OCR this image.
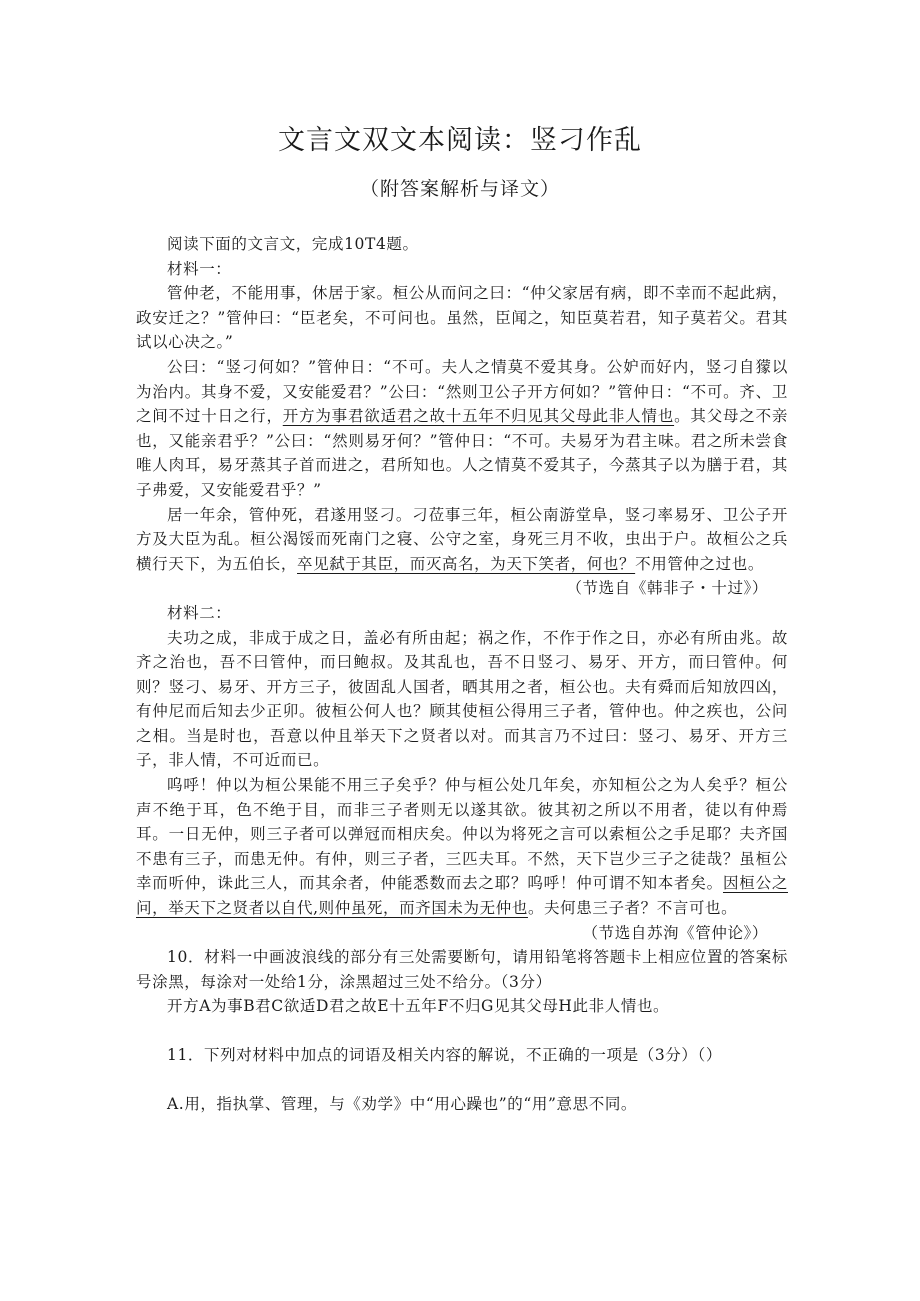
文言文双文本阅读：竖刁作乱
（附答案解析与译文）

阅读下面的文言文，完成10T4题。

材料一：

管仲老，不能用事，休居于家。桓公从而问之曰：“仲父家居有病，即不幸而不起此病，政安迁之？”管仲曰：“臣老矣，不可问也。虽然，臣闻之，知臣莫若君，知子莫若父。君其试以心决之。”

公曰：“竖刁何如？”管仲日：“不可。夫人之情莫不爱其身。公妒而好内，竖刁自獴以为治内。其身不爱，又安能爱君？”公曰：“然则卫公子开方何如？”管仲日：“不可。齐、卫之间不过十日之行，开方为事君欲适君之故十五年不归见其父母此非人情也。其父母之不亲也，又能亲君乎？”公曰：“然则易牙何？”管仲日：“不可。夫易牙为君主味。君之所未尝食唯人肉耳，易牙蒸其子首而进之，君所知也。人之情莫不爱其子，今蒸其子以为膳于君，其子弗爱，又安能爱君乎？”

居一年余，管仲死，君遂用竖刁。刁莅事三年，桓公南游堂阜，竖刁率易牙、卫公子开方及大臣为乱。桓公渴馁而死南门之寝、公守之室，身死三月不收，虫出于户。故桓公之兵横行天下，为五伯长，卒见弑于其臣，而灭高名，为天下笑者，何也？不用管仲之过也。

（节选自《韩非子・十过》）

材料二：

夫功之成，非成于成之日，盖必有所由起；祸之作，不作于作之日，亦必有所由兆。故齐之治也，吾不曰管仲，而曰鲍叔。及其乱也，吾不日竖刁、易牙、开方，而曰管仲。何则？竖刁、易牙、开方三子，彼固乱人国者，晒其用之者，桓公也。夫有舜而后知放四凶，有仲尼而后知去少正卯。彼桓公何人也？顾其使桓公得用三子者，管仲也。仲之疾也，公问之相。当是时也，吾意以仲且举天下之贤者以对。而其言乃不过曰：竖刁、易牙、开方三子，非人情，不可近而已。

呜呼！仲以为桓公果能不用三子矣乎？仲与桓公处几年矣，亦知桓公之为人矣乎？桓公声不绝于耳，色不绝于目，而非三子者则无以遂其欲。彼其初之所以不用者，徒以有仲焉耳。一日无仲，则三子者可以弹冠而相庆矣。仲以为将死之言可以索桓公之手足耶？夫齐国不患有三子，而患无仲。有仲，则三子者，三匹夫耳。不然，天下岂少三子之徒哉？虽桓公幸而听仲，诛此三人，而其余者，仲能悉数而去之耶？呜呼！仲可谓不知本者矣。因桓公之问，举天下之贤者以自代,则仲虽死，而齐国未为无仲也。夫何患三子者？不言可也。

（节选自苏洵《管仲论》）

10．材料一中画波浪线的部分有三处需要断句，请用铅笔将答题卡上相应位置的答案标号涂黑，每涂对一处给1分，涂黑超过三处不给分。（3分）

开方A为事B君C欲适D君之故E十五年F不归G见其父母H此非人情也。

11．下列对材料中加点的词语及相关内容的解说，不正确的一项是（3分）（）

A.用，指执掌、管理，与《劝学》中“用心躁也”的“用”意思不同。
